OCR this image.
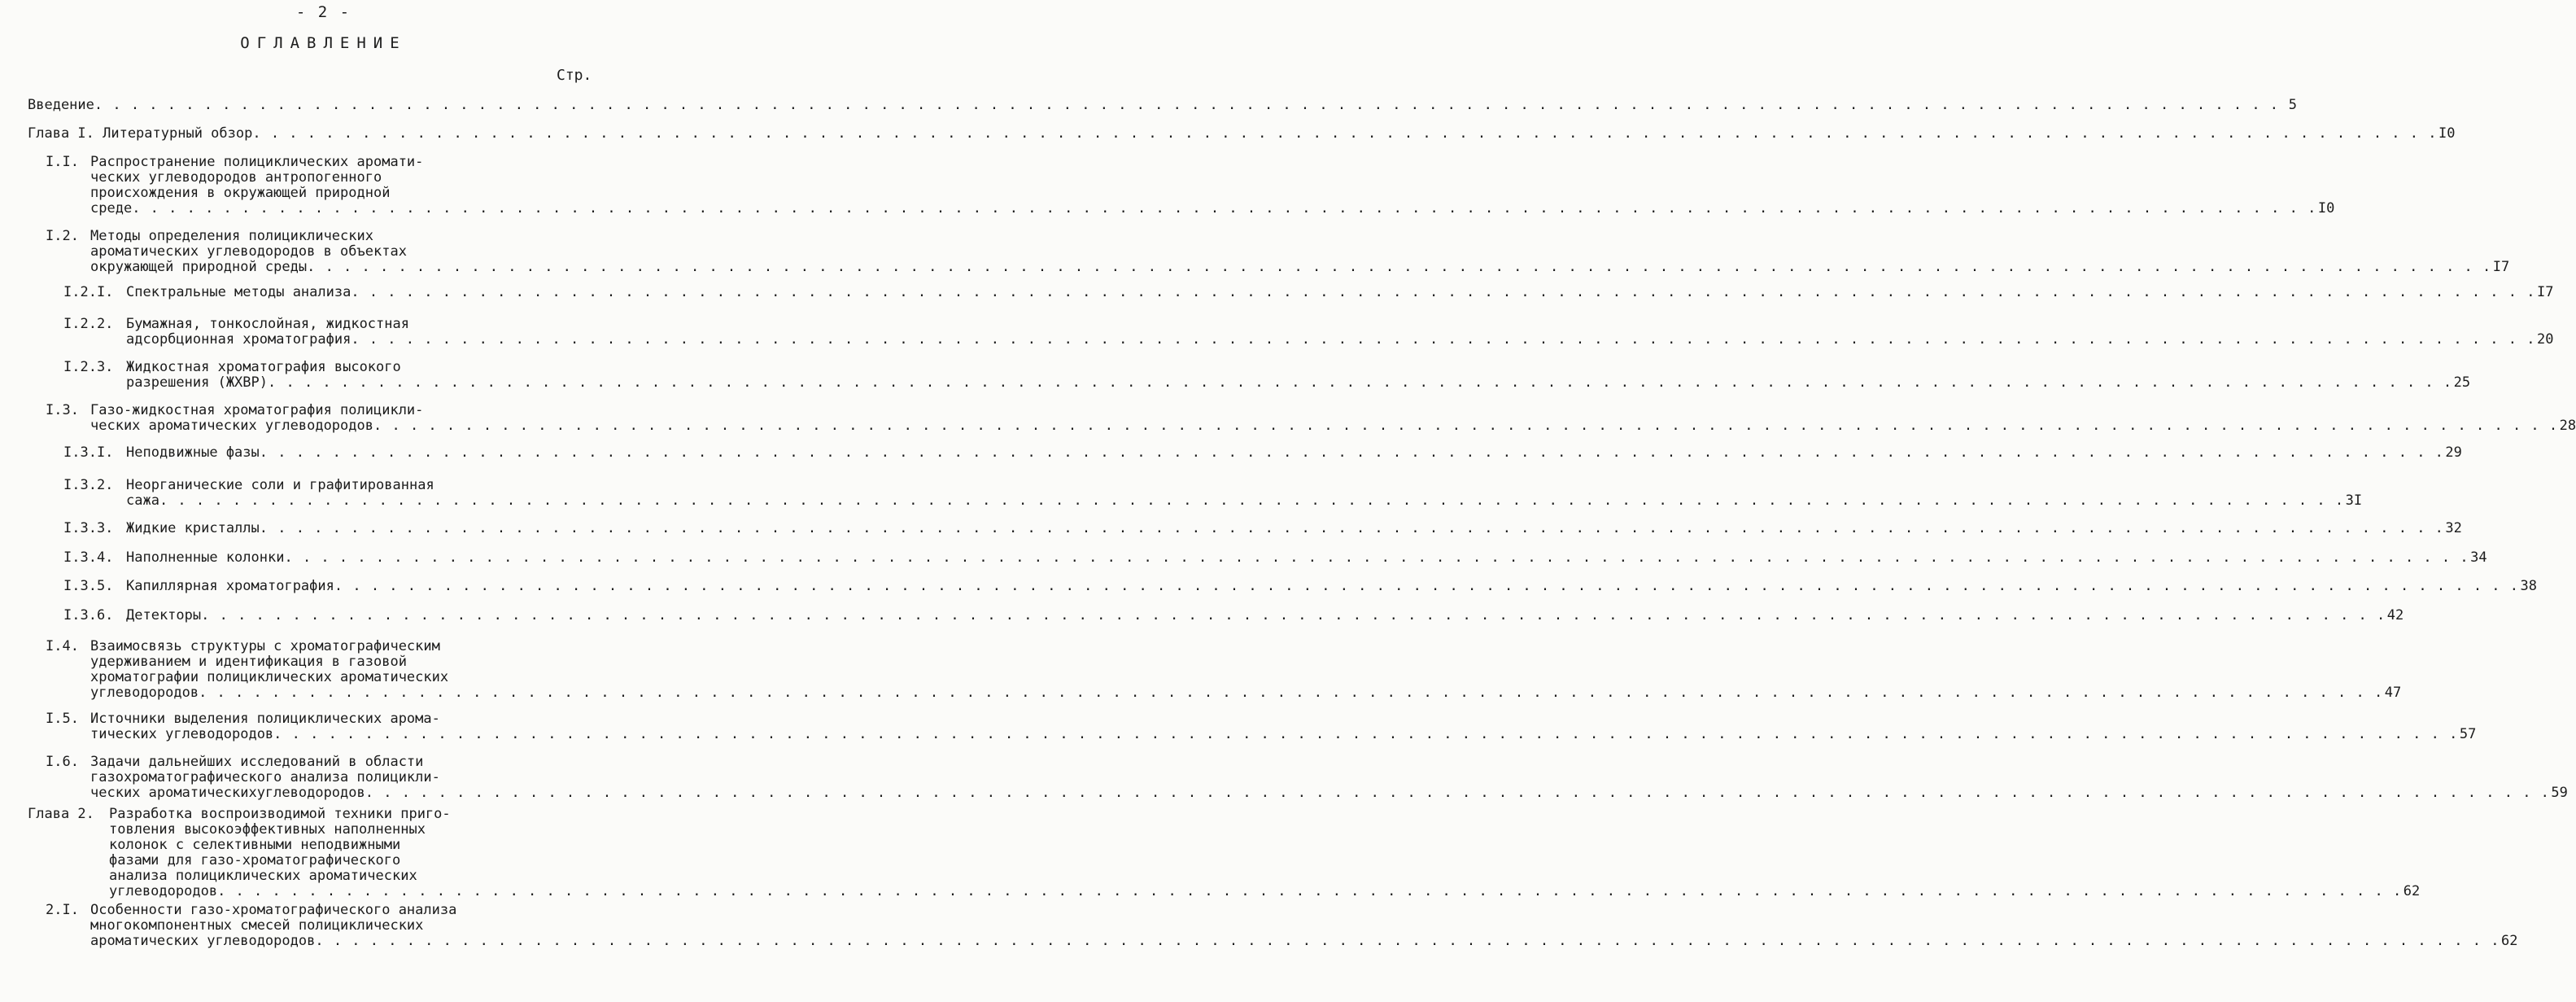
- 2 -
ОГЛАВЛЕНИЕ
Стр.
Введение . . . . . . . . . . . . . . . . . . . . . . . . . . . . . . . . . . . . . . . . . . . . . . . . . . . . . . . . . . . . . . . . . . . . . . . . . . . . . . . . . . . . . . . . . . . . . . . . . . . . . . . . . . . . . . . . . . . . . . . . 5
Глава I. Литературный обзор . . . . . . . . . . . . . . . . . . . . . . . . . . . . . . . . . . . . . . . . . . . . . . . . . . . . . . . . . . . . . . . . . . . . . . . . . . . . . . . . . . . . . . . . . . . . . . . . . . . . . . . . . . . . . . . . . . . . . . . . I0
I.I. Распространение полициклических аромати-
ческих углеводородов антропогенного
происхождения в окружающей природной
среде . . . . . . . . . . . . . . . . . . . . . . . . . . . . . . . . . . . . . . . . . . . . . . . . . . . . . . . . . . . . . . . . . . . . . . . . . . . . . . . . . . . . . . . . . . . . . . . . . . . . . . . . . . . . . . . . . . . . . . . . I0
I.2. Методы определения полициклических
ароматических углеводородов в объектах
окружающей природной среды . . . . . . . . . . . . . . . . . . . . . . . . . . . . . . . . . . . . . . . . . . . . . . . . . . . . . . . . . . . . . . . . . . . . . . . . . . . . . . . . . . . . . . . . . . . . . . . . . . . . . . . . . . . . . . . . . . . . . . . . I7
I.2.I. Спектральные методы анализа . . . . . . . . . . . . . . . . . . . . . . . . . . . . . . . . . . . . . . . . . . . . . . . . . . . . . . . . . . . . . . . . . . . . . . . . . . . . . . . . . . . . . . . . . . . . . . . . . . . . . . . . . . . . . . . . . . . . . . . . I7
I.2.2. Бумажная, тонкослойная, жидкостная
адсорбционная хроматография . . . . . . . . . . . . . . . . . . . . . . . . . . . . . . . . . . . . . . . . . . . . . . . . . . . . . . . . . . . . . . . . . . . . . . . . . . . . . . . . . . . . . . . . . . . . . . . . . . . . . . . . . . . . . . . . . . . . . . . . 20
I.2.3. Жидкостная хроматография высокого
разрешения (ЖХВР) . . . . . . . . . . . . . . . . . . . . . . . . . . . . . . . . . . . . . . . . . . . . . . . . . . . . . . . . . . . . . . . . . . . . . . . . . . . . . . . . . . . . . . . . . . . . . . . . . . . . . . . . . . . . . . . . . . . . . . . . 25
I.3. Газо-жидкостная хроматография полицикли-
ческих ароматических углеводородов . . . . . . . . . . . . . . . . . . . . . . . . . . . . . . . . . . . . . . . . . . . . . . . . . . . . . . . . . . . . . . . . . . . . . . . . . . . . . . . . . . . . . . . . . . . . . . . . . . . . . . . . . . . . . . . . . . . . . . . . 28
I.3.I. Неподвижные фазы . . . . . . . . . . . . . . . . . . . . . . . . . . . . . . . . . . . . . . . . . . . . . . . . . . . . . . . . . . . . . . . . . . . . . . . . . . . . . . . . . . . . . . . . . . . . . . . . . . . . . . . . . . . . . . . . . . . . . . . . 29
I.3.2. Неорганические соли и графитированная
сажа . . . . . . . . . . . . . . . . . . . . . . . . . . . . . . . . . . . . . . . . . . . . . . . . . . . . . . . . . . . . . . . . . . . . . . . . . . . . . . . . . . . . . . . . . . . . . . . . . . . . . . . . . . . . . . . . . . . . . . . . 3I
I.3.3. Жидкие кристаллы . . . . . . . . . . . . . . . . . . . . . . . . . . . . . . . . . . . . . . . . . . . . . . . . . . . . . . . . . . . . . . . . . . . . . . . . . . . . . . . . . . . . . . . . . . . . . . . . . . . . . . . . . . . . . . . . . . . . . . . . 32
I.3.4. Наполненные колонки . . . . . . . . . . . . . . . . . . . . . . . . . . . . . . . . . . . . . . . . . . . . . . . . . . . . . . . . . . . . . . . . . . . . . . . . . . . . . . . . . . . . . . . . . . . . . . . . . . . . . . . . . . . . . . . . . . . . . . . . 34
I.3.5. Капиллярная хроматография . . . . . . . . . . . . . . . . . . . . . . . . . . . . . . . . . . . . . . . . . . . . . . . . . . . . . . . . . . . . . . . . . . . . . . . . . . . . . . . . . . . . . . . . . . . . . . . . . . . . . . . . . . . . . . . . . . . . . . . . 38
I.3.6. Детекторы . . . . . . . . . . . . . . . . . . . . . . . . . . . . . . . . . . . . . . . . . . . . . . . . . . . . . . . . . . . . . . . . . . . . . . . . . . . . . . . . . . . . . . . . . . . . . . . . . . . . . . . . . . . . . . . . . . . . . . . . 42
I.4. Взаимосвязь структуры с хроматографическим
удерживанием и идентификация в газовой
хроматографии полициклических ароматических
углеводородов . . . . . . . . . . . . . . . . . . . . . . . . . . . . . . . . . . . . . . . . . . . . . . . . . . . . . . . . . . . . . . . . . . . . . . . . . . . . . . . . . . . . . . . . . . . . . . . . . . . . . . . . . . . . . . . . . . . . . . . . 47
I.5. Источники выделения полициклических арома-
тических углеводородов . . . . . . . . . . . . . . . . . . . . . . . . . . . . . . . . . . . . . . . . . . . . . . . . . . . . . . . . . . . . . . . . . . . . . . . . . . . . . . . . . . . . . . . . . . . . . . . . . . . . . . . . . . . . . . . . . . . . . . . . 57
I.6. Задачи дальнейших исследований в области
газохроматографического анализа полицикли-
ческих ароматическихуглеводородов . . . . . . . . . . . . . . . . . . . . . . . . . . . . . . . . . . . . . . . . . . . . . . . . . . . . . . . . . . . . . . . . . . . . . . . . . . . . . . . . . . . . . . . . . . . . . . . . . . . . . . . . . . . . . . . . . . . . . . . . 59
Глава 2. Разработка воспроизводимой техники приго-
товления высокоэффективных наполненных
колонок с селективными неподвижными
фазами для газо-хроматографического
анализа полициклических ароматических
углеводородов . . . . . . . . . . . . . . . . . . . . . . . . . . . . . . . . . . . . . . . . . . . . . . . . . . . . . . . . . . . . . . . . . . . . . . . . . . . . . . . . . . . . . . . . . . . . . . . . . . . . . . . . . . . . . . . . . . . . . . . . 62
2.I. Особенности газо-хроматографического анализа
многокомпонентных смесей полициклических
ароматических углеводородов . . . . . . . . . . . . . . . . . . . . . . . . . . . . . . . . . . . . . . . . . . . . . . . . . . . . . . . . . . . . . . . . . . . . . . . . . . . . . . . . . . . . . . . . . . . . . . . . . . . . . . . . . . . . . . . . . . . . . . . . 62
